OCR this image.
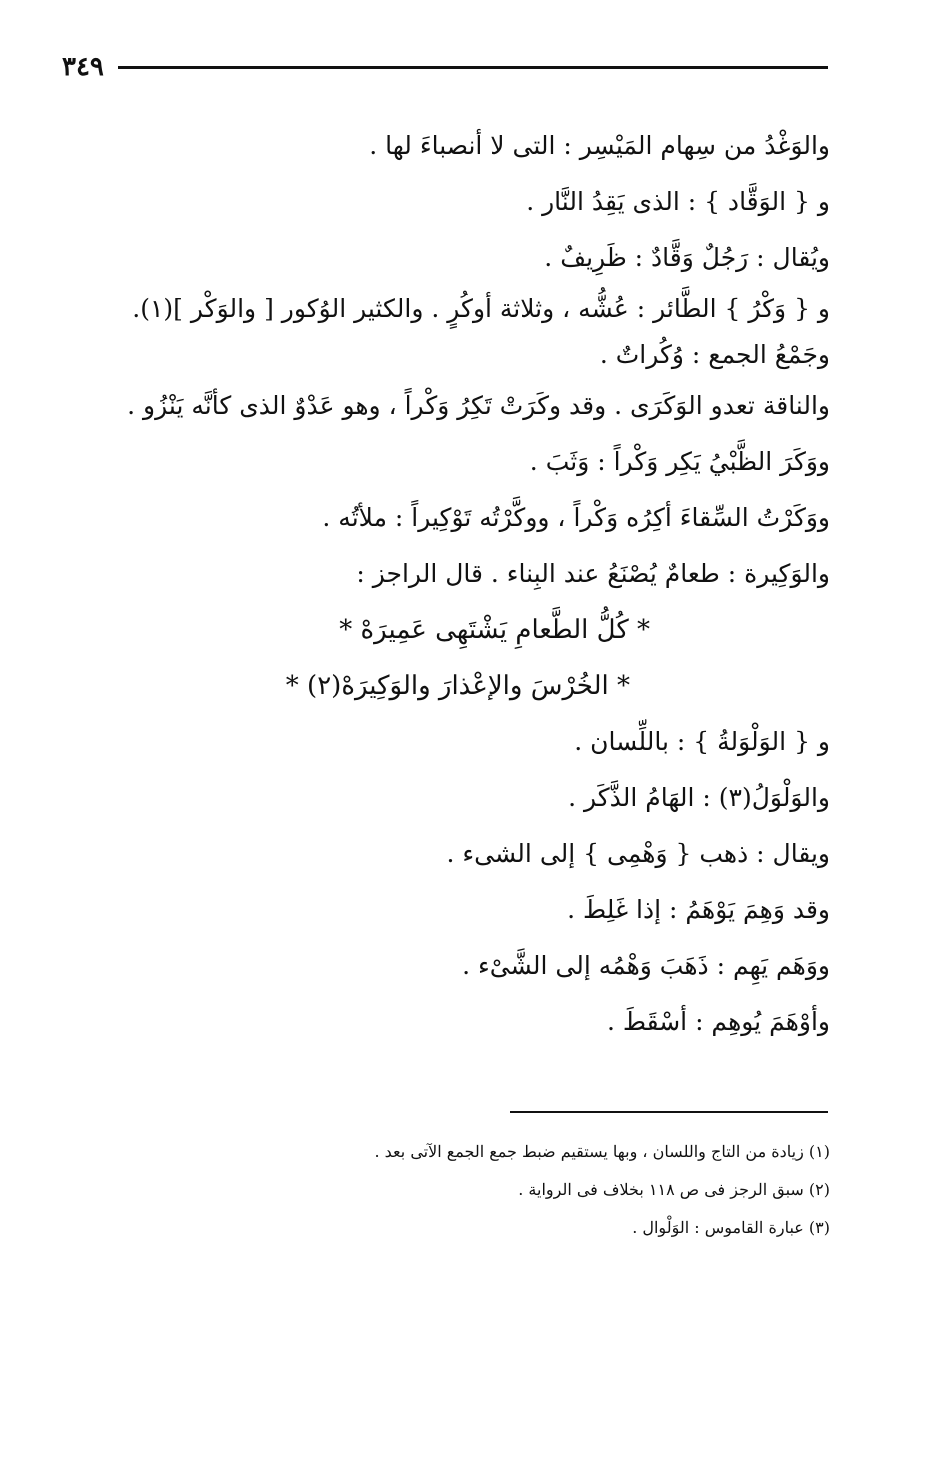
٣٤٩
والوَغْدُ من سِهام المَيْسِر : التى لا أنصباءَ لها .
و { الوَقَّاد } : الذى يَقِدُ النَّار .
ويُقال : رَجُلٌ وَقَّادٌ : ظَرِيفٌ .
و { وَكْرُ } الطَّائر : عُشُّه ، وثلاثة أوكُرٍ . والكثير الوُكور [ والوَكْر ](١).
وجَمْعُ الجمع : وُكُراتٌ .
والناقة تعدو الوَكَرَى . وقد وكَرَتْ تَكِرُ وَكْراً ، وهو عَدْوٌ الذى كأنَّه يَنْزُو .
ووَكَرَ الظَّبْيُ يَكِر وَكْراً : وَثَبَ .
ووَكَرْتُ السِّقاءَ أكِرُه وَكْراً ، ووكَّرْتُه تَوْكِيراً : ملأتُه .
والوَكِيرة : طعامٌ يُصْنَعُ عند البِناء . قال الراجز :
* كُلُّ الطَّعامِ يَشْتَهِى عَمِيرَهْ *
* الخُرْسَ والإعْذارَ والوَكِيرَهْ(٢) *
و { الوَلْوَلةُ } : باللِّسان .
والوَلْوَلُ(٣) : الهَامُ الذَّكَر .
ويقال : ذهب { وَهْمِى } إلى الشىء .
وقد وَهِمَ يَوْهَمُ : إذا غَلِطَ .
ووَهَم يَهِم : ذَهَبَ وَهْمُه إلى الشَّىْء .
وأوْهَمَ يُوهِم : أسْقَطَ .
(١) زيادة من التاج واللسان ، وبها يستقيم ضبط جمع الجمع الآتى بعد .
(٢) سبق الرجز فى ص ١١٨ بخلاف فى الرواية .
(٣) عبارة القاموس : الوَلْوال .
